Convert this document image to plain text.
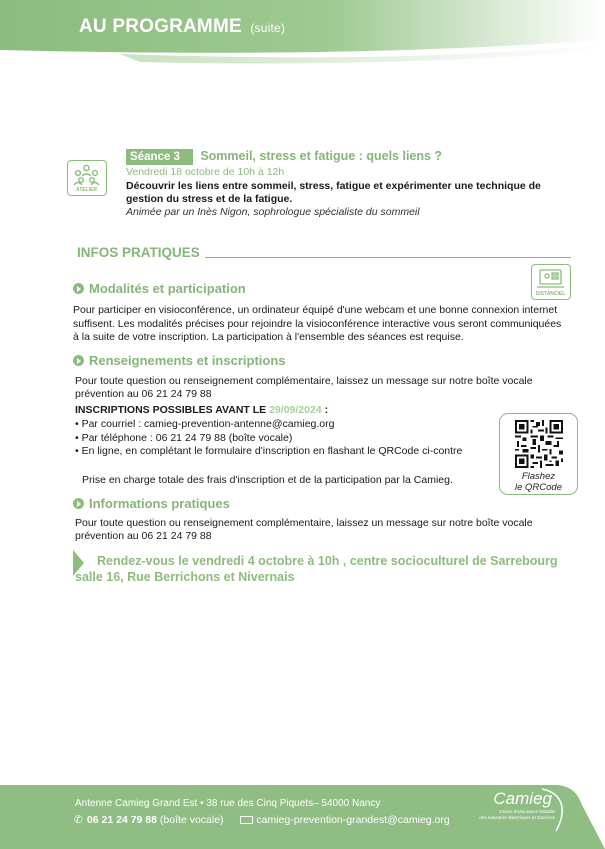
AU PROGRAMME (suite)
ATELIER
Séance 3 Sommeil, stress et fatigue : quels liens ?
Vendredi 18 octobre de 10h à 12h
Découvrir les liens entre sommeil, stress, fatigue et expérimenter une technique de gestion du stress et de la fatigue.
Animée par un Inès Nigon, sophrologue spécialiste du sommeil
INFOS PRATIQUES
DISTANCIEL
Modalités et participation
Pour participer en visioconférence, un ordinateur équipé d'une webcam et une bonne connexion internet suffisent. Les modalités précises pour rejoindre la visioconférence interactive vous seront communiquées à la suite de votre inscription. La participation à l'ensemble des séances est requise.
Renseignements et inscriptions
Pour toute question ou renseignement complémentaire, laissez un message sur notre boîte vocale prévention au 06 21 24 79 88
INSCRIPTIONS POSSIBLES AVANT LE 29/09/2024 :
• Par courriel : camieg-prevention-antenne@camieg.org
• Par téléphone : 06 21 24 79 88 (boîte vocale)
• En ligne, en complétant le formulaire d'inscription en flashant le QRCode ci-contre
Prise en charge totale des frais d'inscription et de la participation par la Camieg.	Flashez
le QRCode
Informations pratiques
Pour toute question ou renseignement complémentaire, laissez un message sur notre boîte vocale prévention au 06 21 24 79 88
Rendez-vous le vendredi 4 octobre à 10h , centre socioculturel de Sarrebourg
salle 16, Rue Berrichons et Nivernais
Antenne Camieg Grand Est • 38 rue des Cinq Piquets– 54000 Nancy
✆ 06 21 24 79 88 (boîte vocale)	camieg-prevention-grandest@camieg.org
Camieg
Caisse d'assurance Maladie
des Industries Électriques et Gazières
